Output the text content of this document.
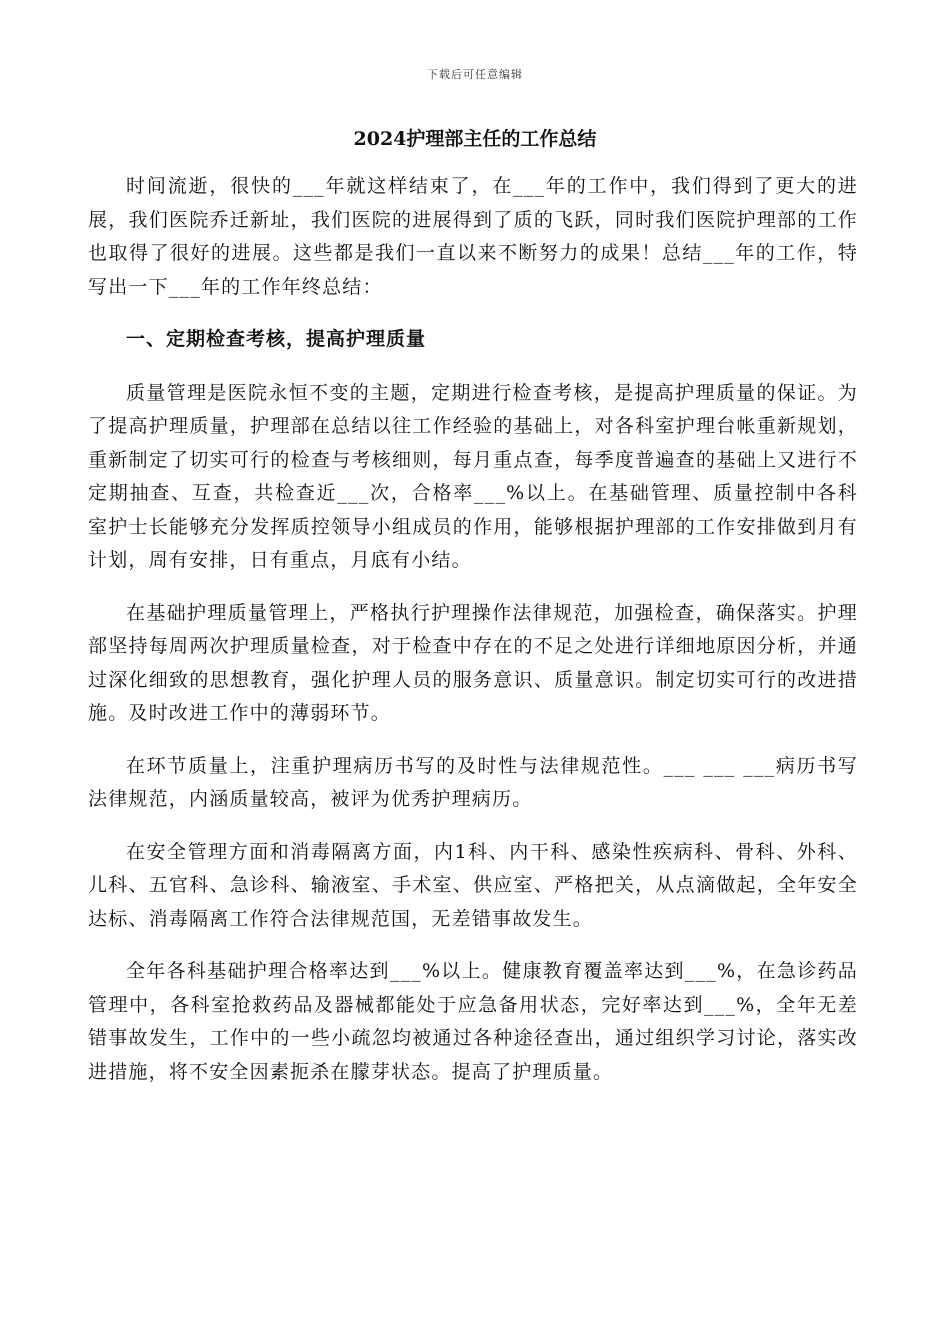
下载后可任意编辑
2024护理部主任的工作总结

时间流逝，很快的___年就这样结束了，在___年的工作中，我们得到了更大的进展，我们医院乔迁新址，我们医院的进展得到了质的飞跃，同时我们医院护理部的工作也取得了很好的进展。这些都是我们一直以来不断努力的成果！总结___年的工作，特写出一下___年的工作年终总结：

一、定期检查考核，提高护理质量

质量管理是医院永恒不变的主题，定期进行检查考核，是提高护理质量的保证。为了提高护理质量，护理部在总结以往工作经验的基础上，对各科室护理台帐重新规划，重新制定了切实可行的检查与考核细则，每月重点查，每季度普遍查的基础上又进行不定期抽查、互查，共检查近___次，合格率___%以上。在基础管理、质量控制中各科室护士长能够充分发挥质控领导小组成员的作用，能够根据护理部的工作安排做到月有计划，周有安排，日有重点，月底有小结。

在基础护理质量管理上，严格执行护理操作法律规范，加强检查，确保落实。护理部坚持每周两次护理质量检查，对于检查中存在的不足之处进行详细地原因分析，并通过深化细致的思想教育，强化护理人员的服务意识、质量意识。制定切实可行的改进措施。及时改进工作中的薄弱环节。

在环节质量上，注重护理病历书写的及时性与法律规范性。___ ___ ___病历书写法律规范，内涵质量较高，被评为优秀护理病历。

在安全管理方面和消毒隔离方面，内1科、内干科、感染性疾病科、骨科、外科、儿科、五官科、急诊科、输液室、手术室、供应室、严格把关，从点滴做起，全年安全达标、消毒隔离工作符合法律规范国，无差错事故发生。

全年各科基础护理合格率达到___%以上。健康教育覆盖率达到___%，在急诊药品管理中，各科室抢救药品及器械都能处于应急备用状态，完好率达到___%，全年无差错事故发生，工作中的一些小疏忽均被通过各种途径查出，通过组织学习讨论，落实改进措施，将不安全因素扼杀在朦芽状态。提高了护理质量。
